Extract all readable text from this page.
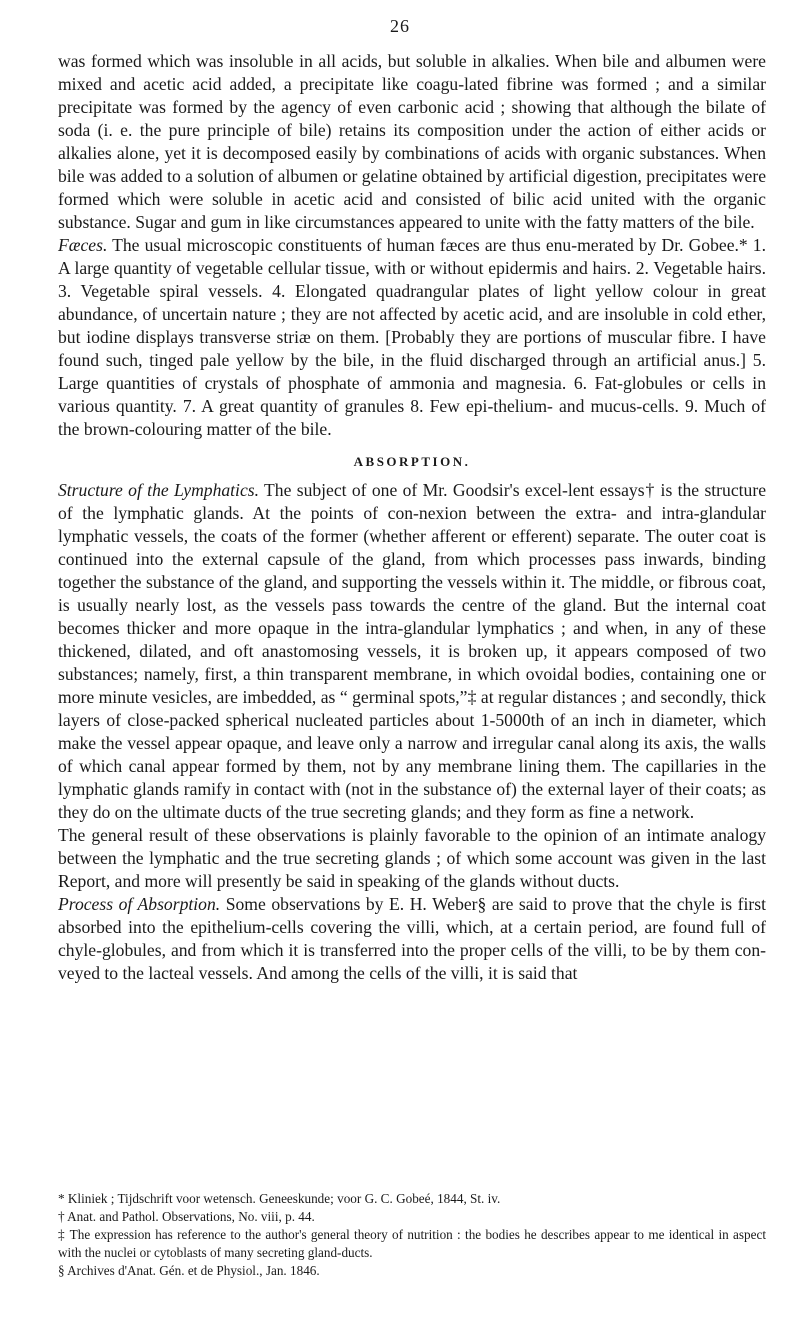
26

was formed which was insoluble in all acids, but soluble in alkalies. When bile and albumen were mixed and acetic acid added, a precipitate like coagu-lated fibrine was formed ; and a similar precipitate was formed by the agency of even carbonic acid ; showing that although the bilate of soda (i. e. the pure principle of bile) retains its composition under the action of either acids or alkalies alone, yet it is decomposed easily by combinations of acids with organic substances. When bile was added to a solution of albumen or gelatine obtained by artificial digestion, precipitates were formed which were soluble in acetic acid and consisted of bilic acid united with the organic substance. Sugar and gum in like circumstances appeared to unite with the fatty matters of the bile.

Fæces. The usual microscopic constituents of human fæces are thus enu-merated by Dr. Gobee.* 1. A large quantity of vegetable cellular tissue, with or without epidermis and hairs. 2. Vegetable hairs. 3. Vegetable spiral vessels. 4. Elongated quadrangular plates of light yellow colour in great abundance, of uncertain nature ; they are not affected by acetic acid, and are insoluble in cold ether, but iodine displays transverse striæ on them. [Probably they are portions of muscular fibre. I have found such, tinged pale yellow by the bile, in the fluid discharged through an artificial anus.] 5. Large quantities of crystals of phosphate of ammonia and magnesia. 6. Fat-globules or cells in various quantity. 7. A great quantity of granules 8. Few epi-thelium- and mucus-cells. 9. Much of the brown-colouring matter of the bile.

ABSORPTION.

Structure of the Lymphatics. The subject of one of Mr. Goodsir's excel-lent essays† is the structure of the lymphatic glands. At the points of con-nexion between the extra- and intra-glandular lymphatic vessels, the coats of the former (whether afferent or efferent) separate. The outer coat is continued into the external capsule of the gland, from which processes pass inwards, binding together the substance of the gland, and supporting the vessels within it. The middle, or fibrous coat, is usually nearly lost, as the vessels pass towards the centre of the gland. But the internal coat becomes thicker and more opaque in the intra-glandular lymphatics ; and when, in any of these thickened, dilated, and oft anastomosing vessels, it is broken up, it appears composed of two substances; namely, first, a thin transparent membrane, in which ovoidal bodies, containing one or more minute vesicles, are imbedded, as “ germinal spots,”‡ at regular distances ; and secondly, thick layers of close-packed spherical nucleated particles about 1-5000th of an inch in diameter, which make the vessel appear opaque, and leave only a narrow and irregular canal along its axis, the walls of which canal appear formed by them, not by any membrane lining them. The capillaries in the lymphatic glands ramify in contact with (not in the substance of) the external layer of their coats; as they do on the ultimate ducts of the true secreting glands; and they form as fine a network.

The general result of these observations is plainly favorable to the opinion of an intimate analogy between the lymphatic and the true secreting glands ; of which some account was given in the last Report, and more will presently be said in speaking of the glands without ducts.

Process of Absorption. Some observations by E. H. Weber§ are said to prove that the chyle is first absorbed into the epithelium-cells covering the villi, which, at a certain period, are found full of chyle-globules, and from which it is transferred into the proper cells of the villi, to be by them con-veyed to the lacteal vessels. And among the cells of the villi, it is said that

* Kliniek ; Tijdschrift voor wetensch. Geneeskunde; voor G. C. Gobeé, 1844, St. iv.

† Anat. and Pathol. Observations, No. viii, p. 44.

‡ The expression has reference to the author's general theory of nutrition : the bodies he describes appear to me identical in aspect with the nuclei or cytoblasts of many secreting gland-ducts.

§ Archives d'Anat. Gén. et de Physiol., Jan. 1846.
